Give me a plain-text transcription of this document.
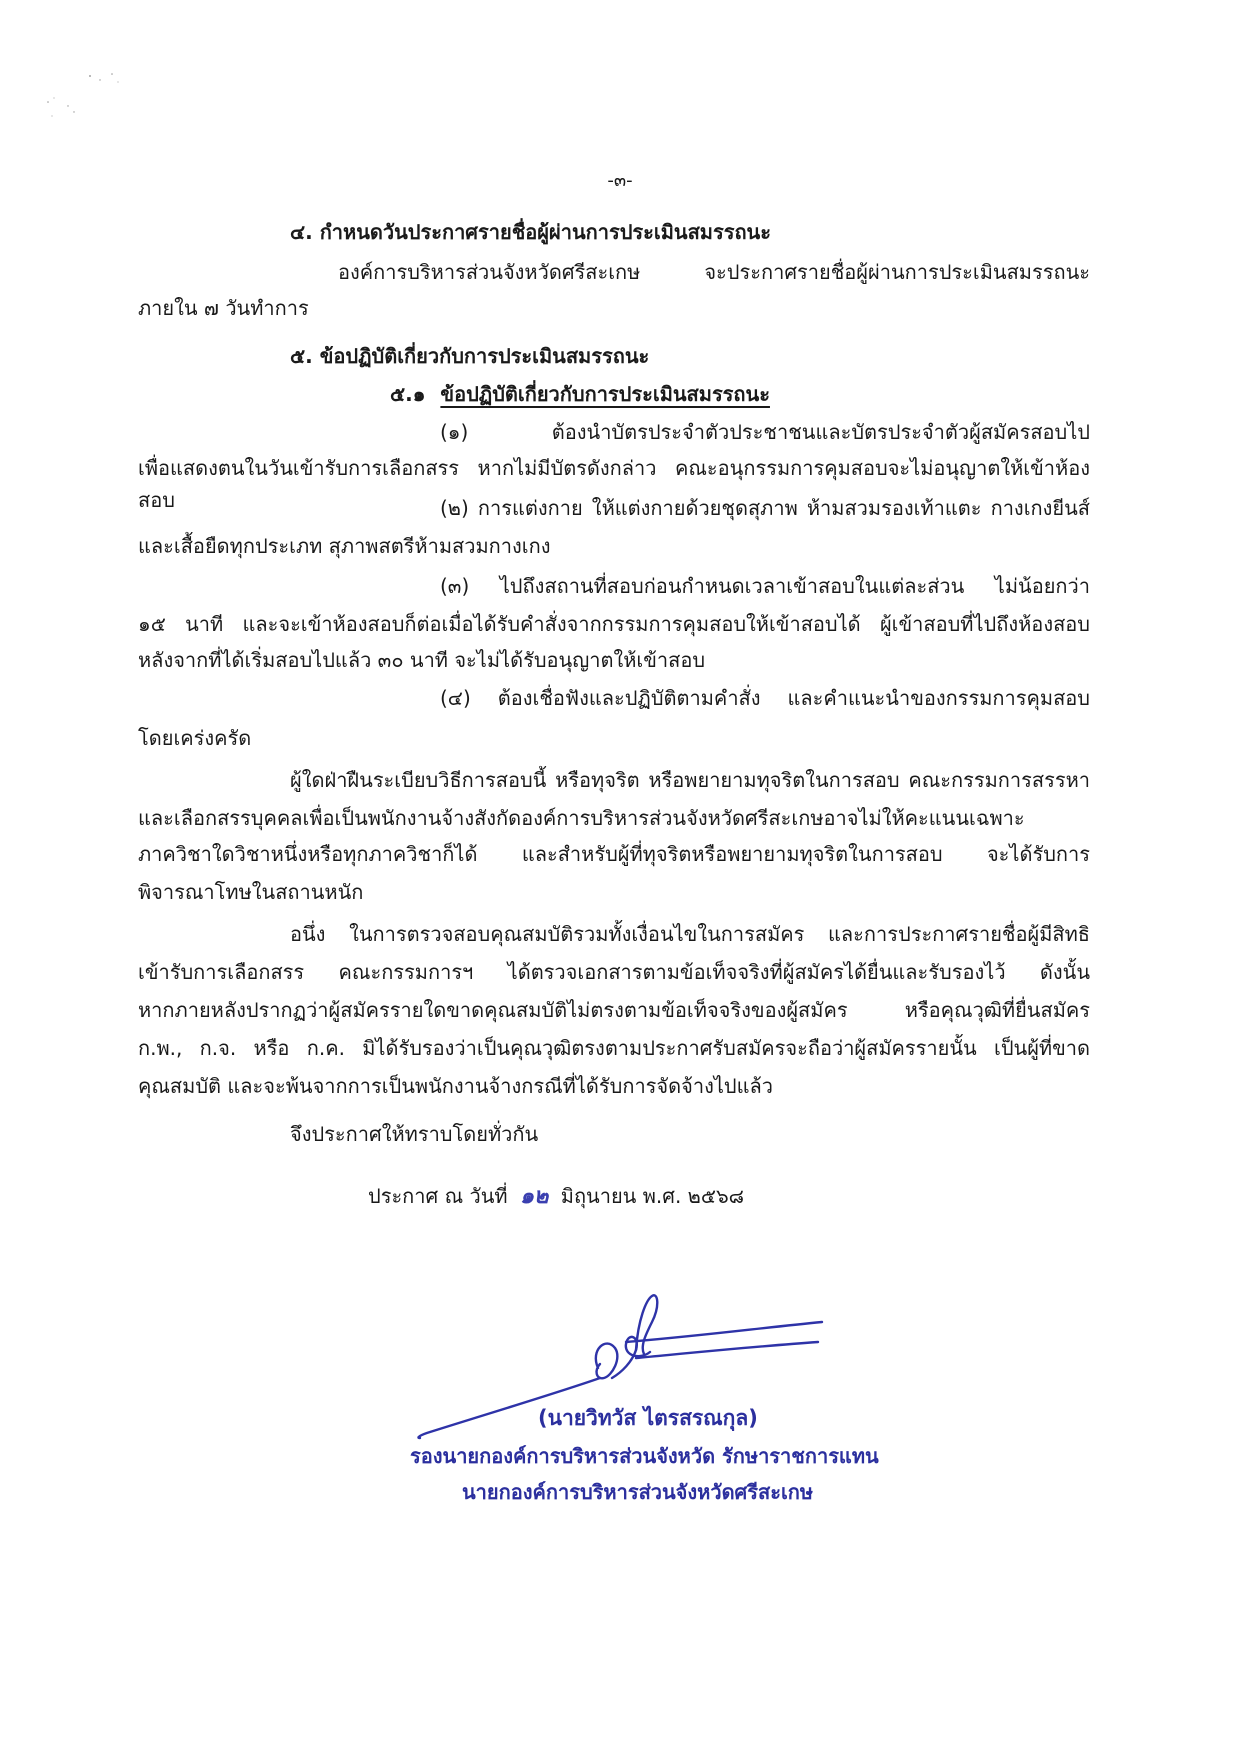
-๓-
๔. กำหนดวันประกาศรายชื่อผู้ผ่านการประเมินสมรรถนะ
องค์การบริหารส่วนจังหวัดศรีสะเกษ จะประกาศรายชื่อผู้ผ่านการประเมินสมรรถนะ
ภายใน ๗ วันทำการ
๕. ข้อปฏิบัติเกี่ยวกับการประเมินสมรรถนะ
๕.๑ ข้อปฏิบัติเกี่ยวกับการประเมินสมรรถนะ
(๑) ต้องนำบัตรประจำตัวประชาชนและบัตรประจำตัวผู้สมัครสอบไป
เพื่อแสดงตนในวันเข้ารับการเลือกสรร หากไม่มีบัตรดังกล่าว คณะอนุกรรมการคุมสอบจะไม่อนุญาตให้เข้าห้องสอบ	(๒) การแต่งกาย ให้แต่งกายด้วยชุดสุภาพ ห้ามสวมรองเท้าแตะ กางเกงยีนส์
และเสื้อยืดทุกประเภท สุภาพสตรีห้ามสวมกางเกง
(๓) ไปถึงสถานที่สอบก่อนกำหนดเวลาเข้าสอบในแต่ละส่วน ไม่น้อยกว่า
๑๕ นาที และจะเข้าห้องสอบก็ต่อเมื่อได้รับคำสั่งจากกรรมการคุมสอบให้เข้าสอบได้ ผู้เข้าสอบที่ไปถึงห้องสอบ
หลังจากที่ได้เริ่มสอบไปแล้ว ๓๐ นาที จะไม่ได้รับอนุญาตให้เข้าสอบ
(๔) ต้องเชื่อฟังและปฏิบัติตามคำสั่ง และคำแนะนำของกรรมการคุมสอบ
โดยเคร่งครัด
ผู้ใดฝ่าฝืนระเบียบวิธีการสอบนี้ หรือทุจริต หรือพยายามทุจริตในการสอบ คณะกรรมการสรรหา
และเลือกสรรบุคคลเพื่อเป็นพนักงานจ้างสังกัดองค์การบริหารส่วนจังหวัดศรีสะเกษอาจไม่ให้คะแนนเฉพาะ
ภาควิชาใดวิชาหนึ่งหรือทุกภาควิชาก็ได้ และสำหรับผู้ที่ทุจริตหรือพยายามทุจริตในการสอบ จะได้รับการ
พิจารณาโทษในสถานหนัก
อนึ่ง ในการตรวจสอบคุณสมบัติรวมทั้งเงื่อนไขในการสมัคร และการประกาศรายชื่อผู้มีสิทธิ
เข้ารับการเลือกสรร คณะกรรมการฯ ได้ตรวจเอกสารตามข้อเท็จจริงที่ผู้สมัครได้ยื่นและรับรองไว้ ดังนั้น
หากภายหลังปรากฏว่าผู้สมัครรายใดขาดคุณสมบัติไม่ตรงตามข้อเท็จจริงของผู้สมัคร หรือคุณวุฒิที่ยื่นสมัคร
ก.พ., ก.จ. หรือ ก.ค. มิได้รับรองว่าเป็นคุณวุฒิตรงตามประกาศรับสมัครจะถือว่าผู้สมัครรายนั้น เป็นผู้ที่ขาด
คุณสมบัติ และจะพ้นจากการเป็นพนักงานจ้างกรณีที่ได้รับการจัดจ้างไปแล้ว
จึงประกาศให้ทราบโดยทั่วกัน
ประกาศ ณ วันที่ ๑๒ มิถุนายน พ.ศ. ๒๕๖๘
(นายวิทวัส ไตรสรณกุล)
รองนายกองค์การบริหารส่วนจังหวัด รักษาราชการแทน
นายกองค์การบริหารส่วนจังหวัดศรีสะเกษ
